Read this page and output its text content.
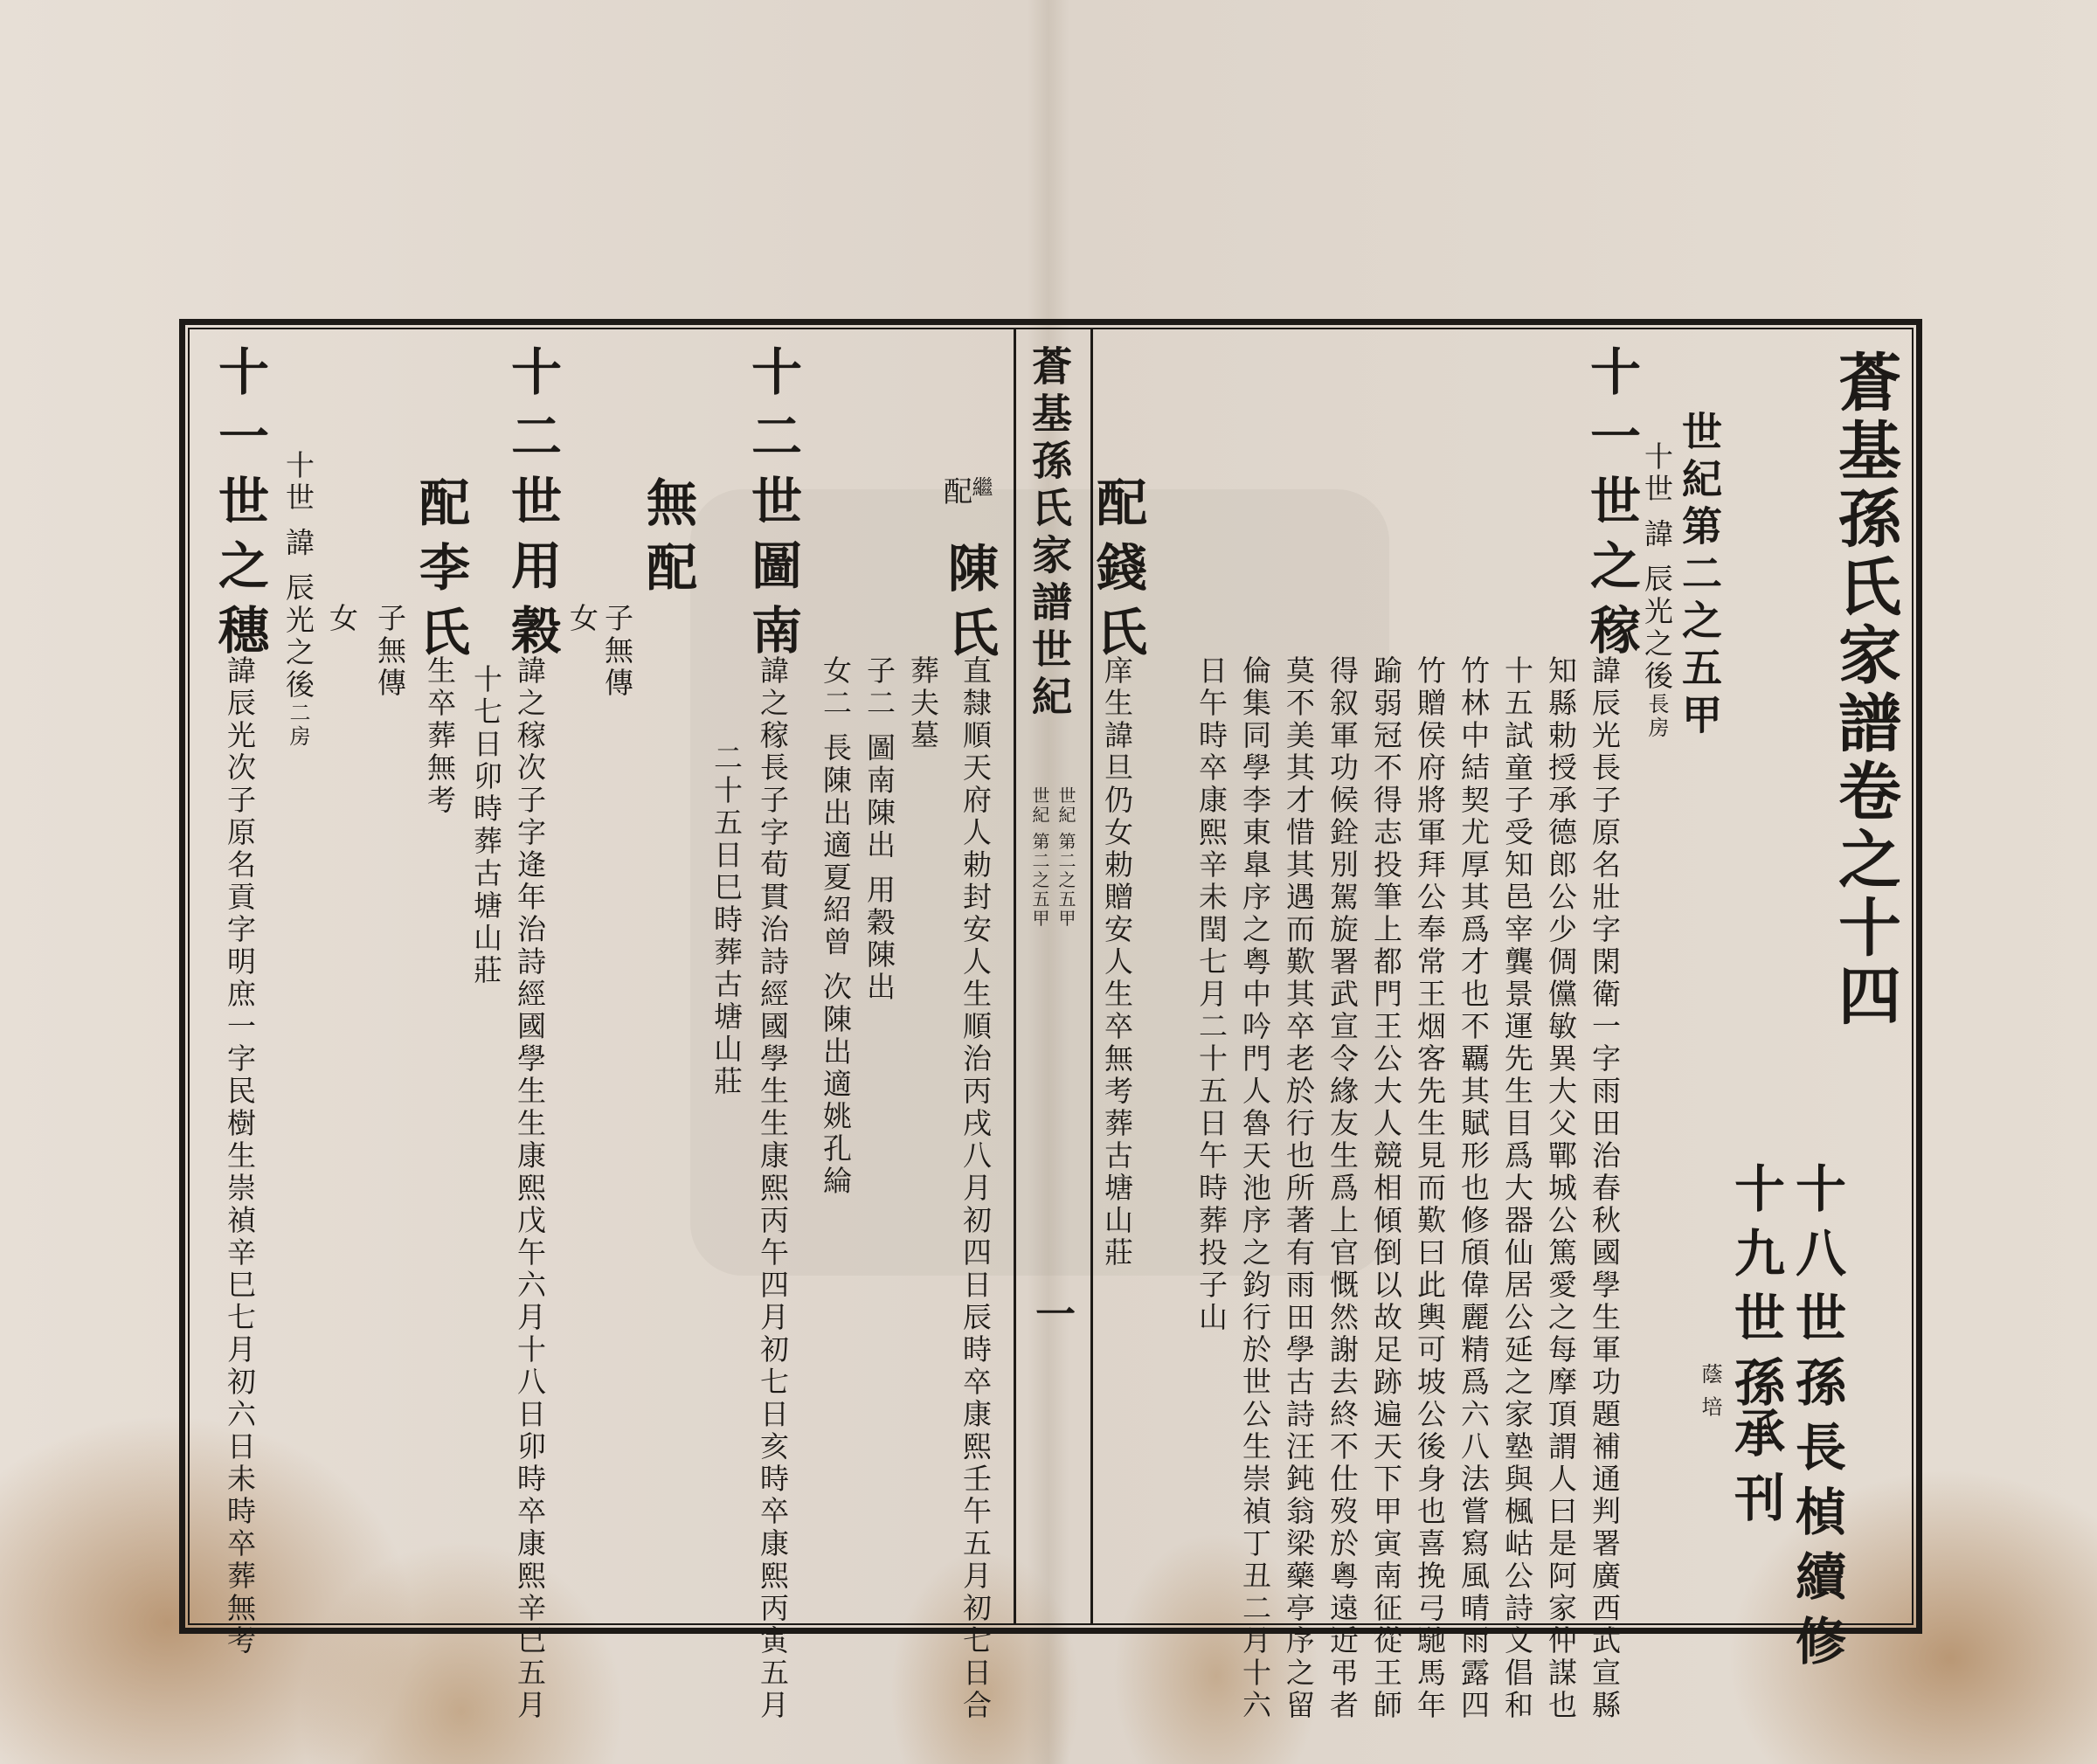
蒼基孫氏家譜卷之十四
世紀第二之五甲
十世 諱 辰光之後長房
十一世之稼
諱辰光長子原名壯字閑衛一字雨田治春秋國學生軍功題補通判署廣西武宣縣
知縣勅授承德郎公少倜儻敏異大父鄲城公篤愛之每摩頂謂人曰是阿家仲謀也
十五試童子受知邑宰龔景運先生目爲大器仙居公延之家塾與楓岵公詩文倡和
竹林中結契尤厚其爲才也不覊其賦形也修頎偉麗精爲六八法嘗寫風晴雨露四
竹贈侯府將軍拜公奉常王烟客先生見而歎曰此輿可坡公後身也喜挽弓馳馬年
踰弱冠不得志投筆上都門王公大人競相傾倒以故足跡遍天下甲寅南征從王師
得叙軍功候銓別駕旋署武宣令緣友生爲上官慨然謝去終不仕歿於粵遠近弔者
莫不美其才惜其遇而歎其卒老於行也所著有雨田學古詩汪鈍翁梁藥亭序之留
倫集同學李東臯序之粤中吟門人魯天池序之鈞行於世公生崇禎丁丑二月十六
日午時卒康熙辛未閏七月二十五日午時葬投子山
配錢氏
庠生諱旦仍女勅贈安人生卒無考葬古塘山莊
十八世孫長楨續修
十九世孫
蔭 培
承刊
蒼基孫氏家譜世紀
世紀 第二之五甲
世紀 第二之五甲
一
繼
配
陳氏
直隸順天府人勅封安人生順治丙戌八月初四日辰時卒康熙壬午五月初七日合
葬夫墓
子二 圖南陳出 用穀陳出
女二 長陳出適夏紹曾 次陳出適姚孔綸
十二世圖南
諱之稼長子字荀貫治詩經國學生生康熙丙午四月初七日亥時卒康熙丙寅五月
二十五日巳時葬古塘山莊
無配
子無傳
女
十二世用穀
諱之稼次子字逄年治詩經國學生生康熙戊午六月十八日卯時卒康熙辛巳五月
十七日卯時葬古塘山莊
配李氏
生卒葬無考
子無傳
十一世之穗 十世 諱 辰光之後二房
女
諱辰光次子原名貢字明庶一字民樹生崇禎辛巳七月初六日未時卒葬無考
